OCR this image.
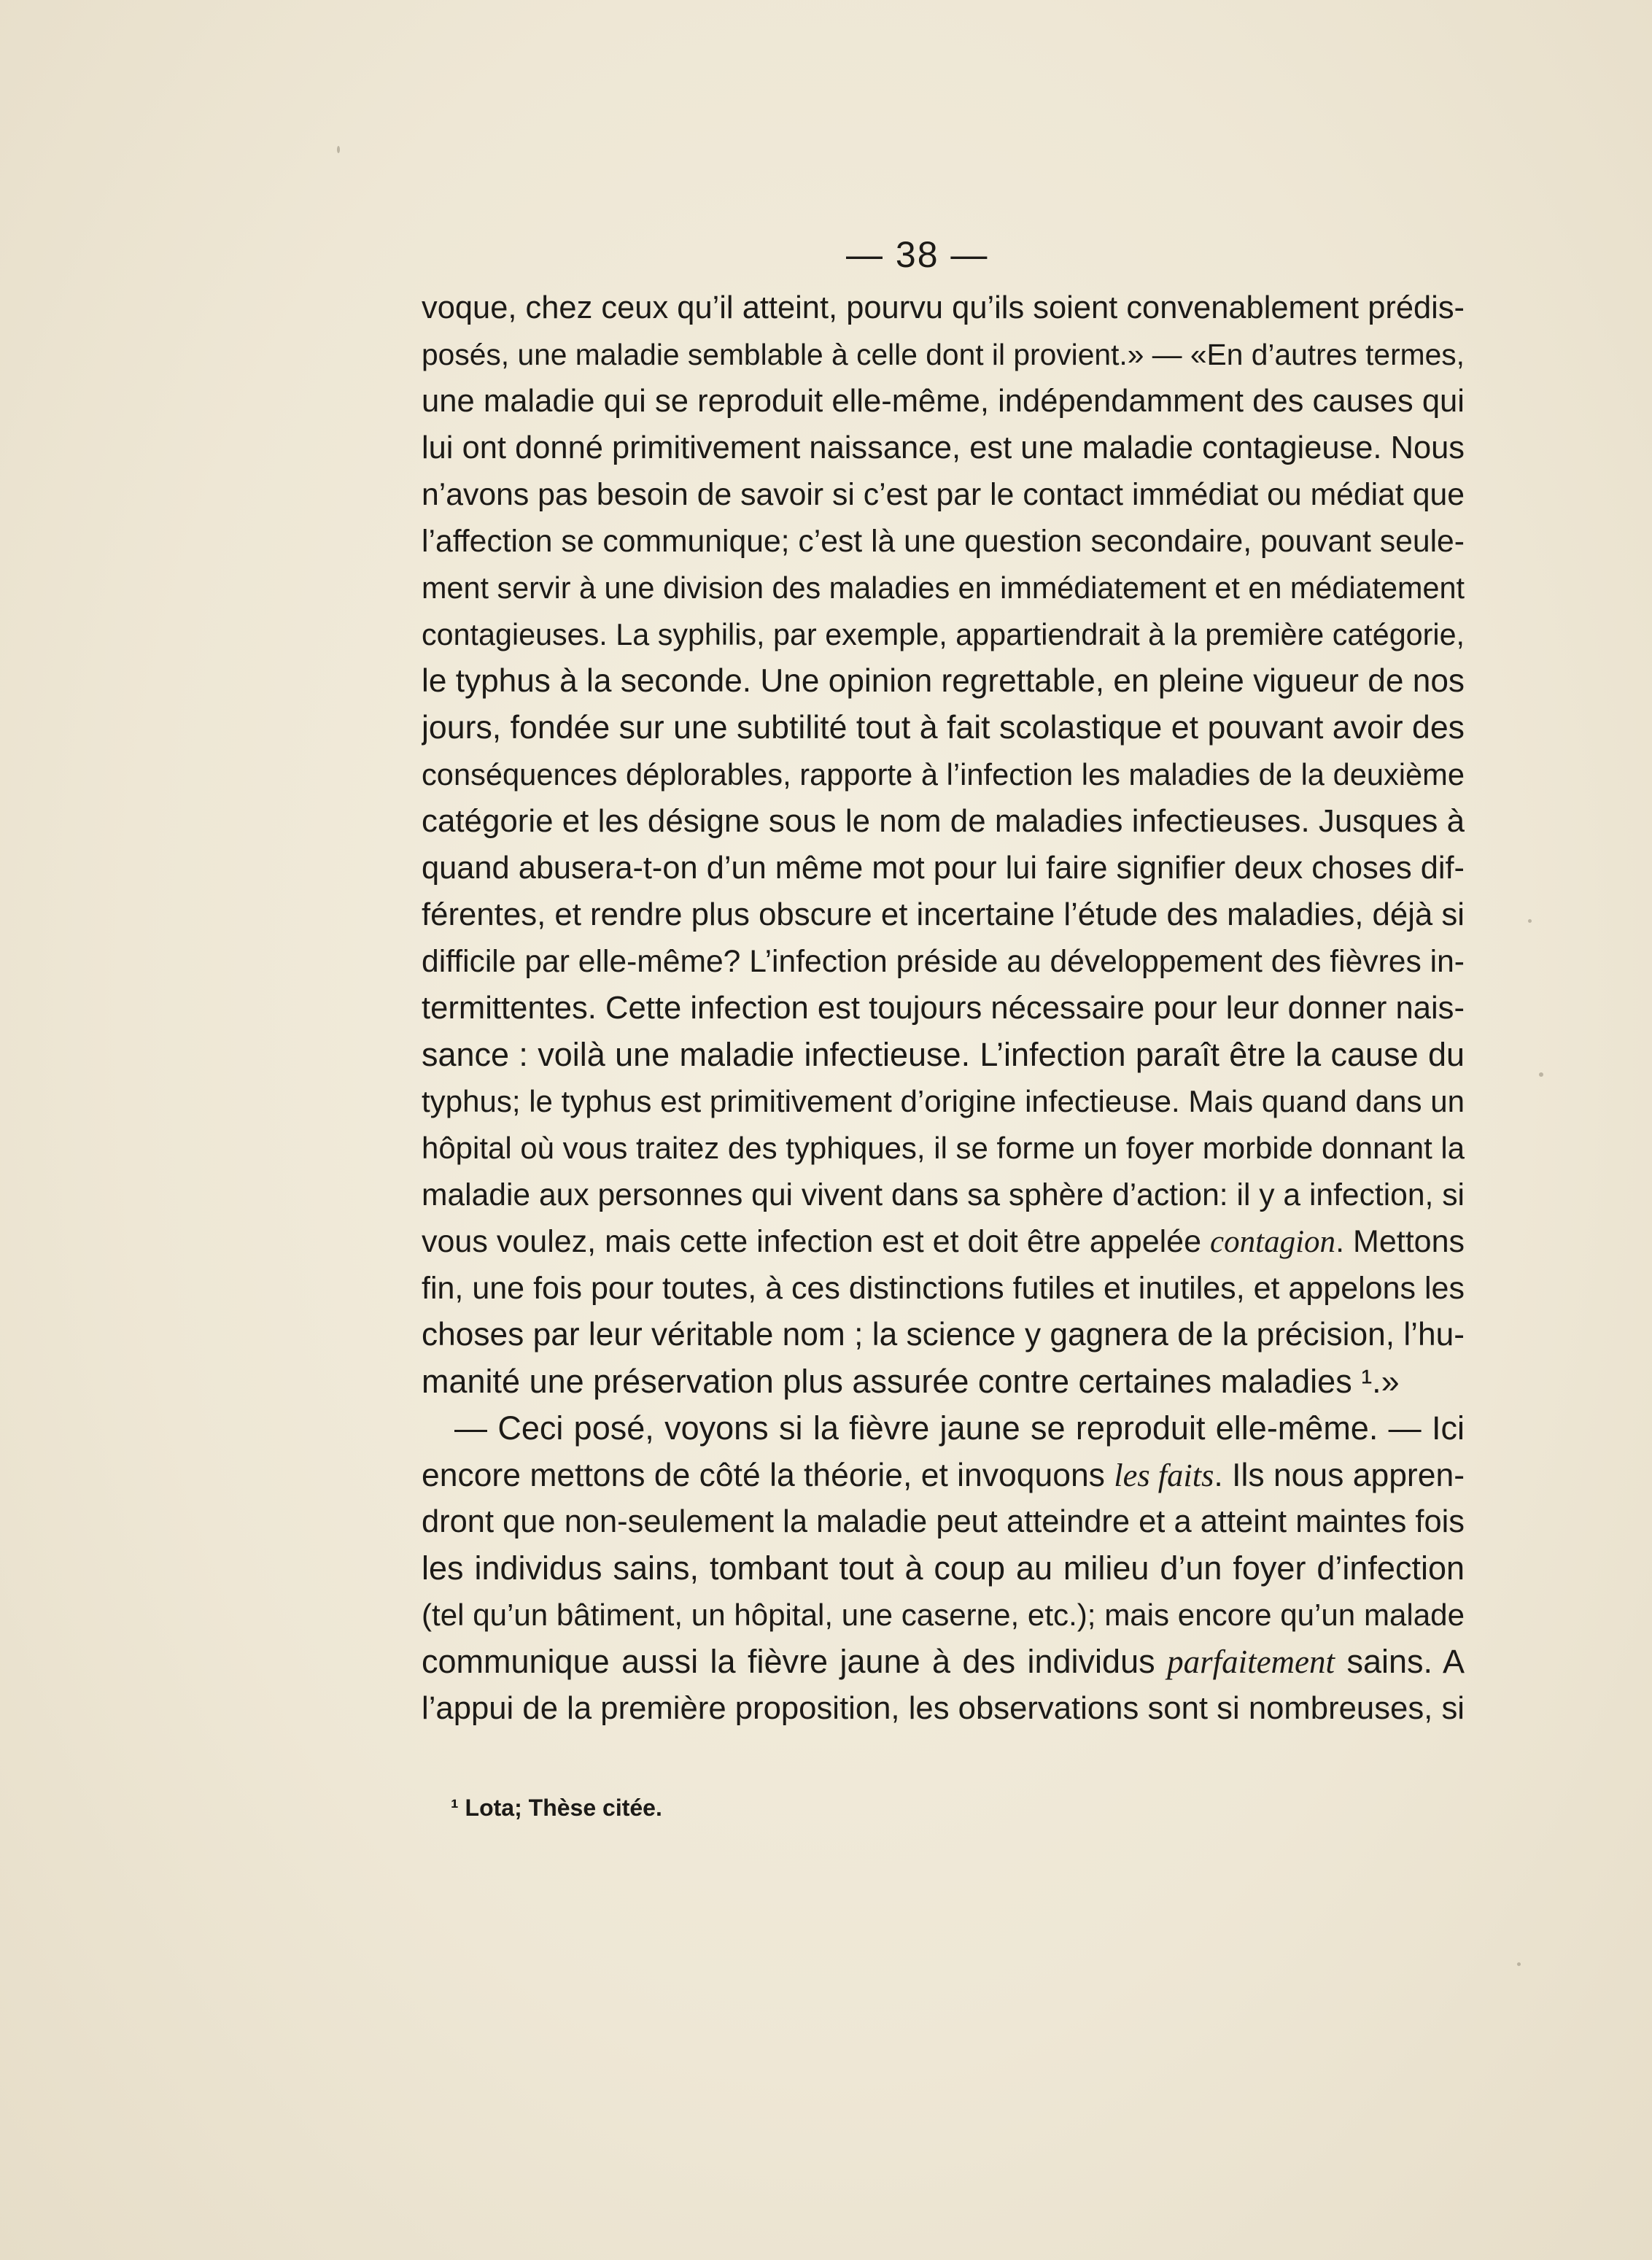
— 38 —
voque, chez ceux qu’il atteint, pourvu qu’ils soient convenablement prédis-
posés, une maladie semblable à celle dont il provient.» — «En d’autres termes,
une maladie qui se reproduit elle-même, indépendamment des causes qui
lui ont donné primitivement naissance, est une maladie contagieuse. Nous
n’avons pas besoin de savoir si c’est par le contact immédiat ou médiat que
l’affection se communique; c’est là une question secondaire, pouvant seule-
ment servir à une division des maladies en immédiatement et en médiatement
contagieuses. La syphilis, par exemple, appartiendrait à la première catégorie,
le typhus à la seconde. Une opinion regrettable, en pleine vigueur de nos
jours, fondée sur une subtilité tout à fait scolastique et pouvant avoir des
conséquences déplorables, rapporte à l’infection les maladies de la deuxième
catégorie et les désigne sous le nom de maladies infectieuses. Jusques à
quand abusera-t-on d’un même mot pour lui faire signifier deux choses dif-
férentes, et rendre plus obscure et incertaine l’étude des maladies, déjà si
difficile par elle-même? L’infection préside au développement des fièvres in-
termittentes. Cette infection est toujours nécessaire pour leur donner nais-
sance : voilà une maladie infectieuse. L’infection paraît être la cause du
typhus; le typhus est primitivement d’origine infectieuse. Mais quand dans un
hôpital où vous traitez des typhiques, il se forme un foyer morbide donnant la
maladie aux personnes qui vivent dans sa sphère d’action: il y a infection, si
vous voulez, mais cette infection est et doit être appelée contagion. Mettons
fin, une fois pour toutes, à ces distinctions futiles et inutiles, et appelons les
choses par leur véritable nom ; la science y gagnera de la précision, l’hu-
manité une préservation plus assurée contre certaines maladies ¹.»
— Ceci posé, voyons si la fièvre jaune se reproduit elle-même. — Ici
encore mettons de côté la théorie, et invoquons les faits. Ils nous appren-
dront que non-seulement la maladie peut atteindre et a atteint maintes fois
les individus sains, tombant tout à coup au milieu d’un foyer d’infection
(tel qu’un bâtiment, un hôpital, une caserne, etc.); mais encore qu’un malade
communique aussi la fièvre jaune à des individus parfaitement sains. A
l’appui de la première proposition, les observations sont si nombreuses, si
¹ Lota; Thèse citée.
